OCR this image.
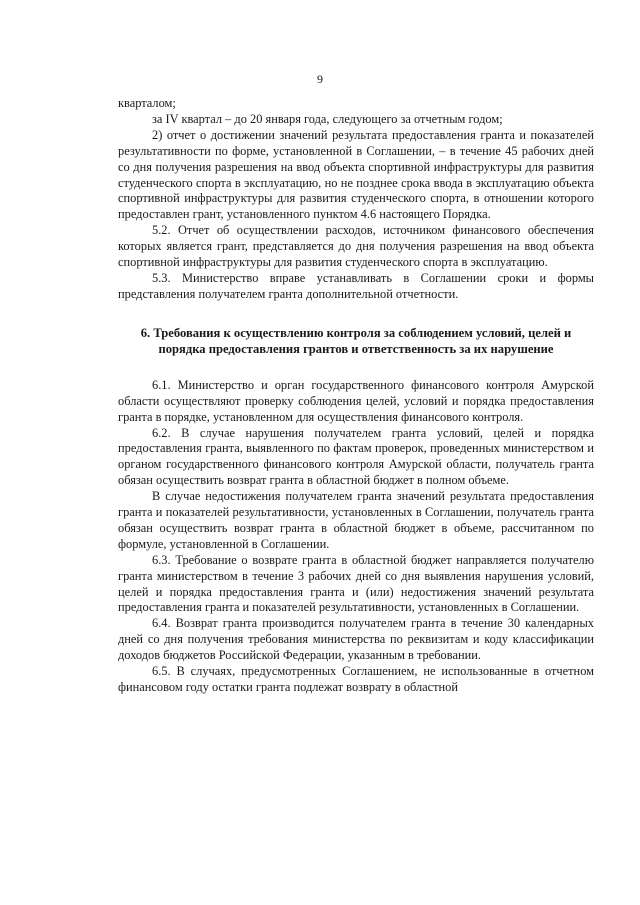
9

кварталом;

за IV квартал – до 20 января года, следующего за отчетным годом;

2) отчет о достижении значений результата предоставления гранта и показателей результативности по форме, установленной в Соглашении, – в течение 45 рабочих дней со дня получения разрешения на ввод объекта спортивной инфраструктуры для развития студенческого спорта в эксплуатацию, но не позднее срока ввода в эксплуатацию объекта спортивной инфраструктуры для развития студенческого спорта, в отношении которого предоставлен грант, установленного пунктом 4.6 настоящего Порядка.

5.2. Отчет об осуществлении расходов, источником финансового обеспечения которых является грант, представляется до дня получения разрешения на ввод объекта спортивной инфраструктуры для развития студенческого спорта в эксплуатацию.

5.3. Министерство вправе устанавливать в Соглашении сроки и формы представления получателем гранта дополнительной отчетности.

6. Требования к осуществлению контроля за соблюдением условий, целей и порядка предоставления грантов и ответственность за их нарушение

6.1. Министерство и орган государственного финансового контроля Амурской области осуществляют проверку соблюдения целей, условий и порядка предоставления гранта в порядке, установленном для осуществления финансового контроля.

6.2. В случае нарушения получателем гранта условий, целей и порядка предоставления гранта, выявленного по фактам проверок, проведенных министерством и органом государственного финансового контроля Амурской области, получатель гранта обязан осуществить возврат гранта в областной бюджет в полном объеме.

В случае недостижения получателем гранта значений результата предоставления гранта и показателей результативности, установленных в Соглашении, получатель гранта обязан осуществить возврат гранта в областной бюджет в объеме, рассчитанном по формуле, установленной в Соглашении.

6.3. Требование о возврате гранта в областной бюджет направляется получателю гранта министерством в течение 3 рабочих дней со дня выявления нарушения условий, целей и порядка предоставления гранта и (или) недостижения значений результата предоставления гранта и показателей результативности, установленных в Соглашении.

6.4. Возврат гранта производится получателем гранта в течение 30 календарных дней со дня получения требования министерства по реквизитам и коду классификации доходов бюджетов Российской Федерации, указанным в требовании.

6.5. В случаях, предусмотренных Соглашением, не использованные в отчетном финансовом году остатки гранта подлежат возврату в областной
